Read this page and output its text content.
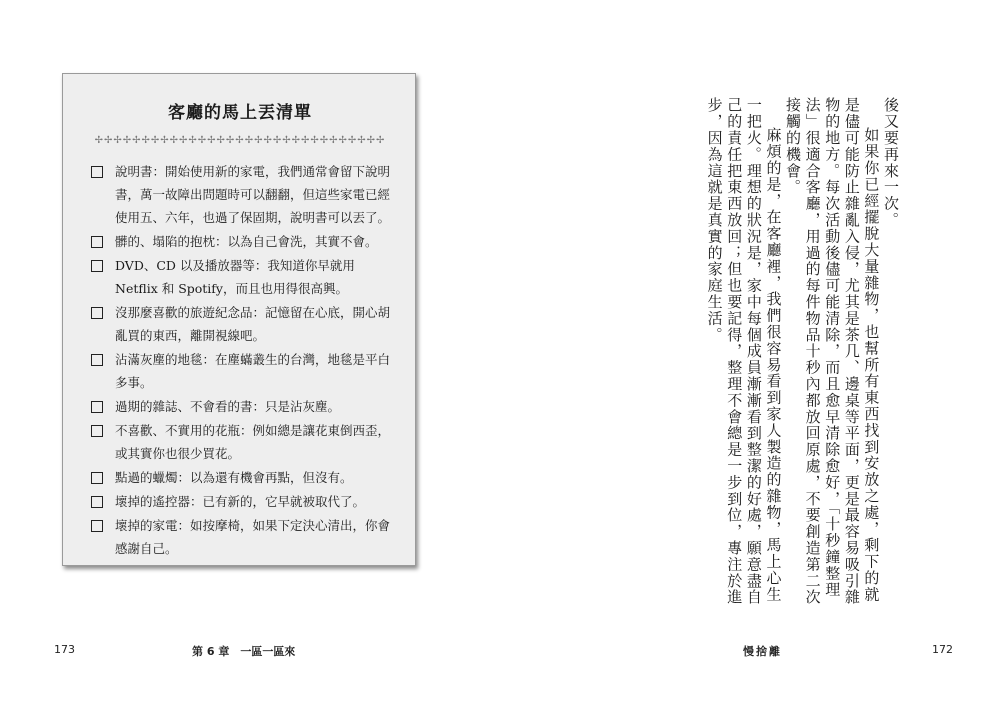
客廳的馬上丟清單
✢✢✢✢✢✢✢✢✢✢✢✢✢✢✢✢✢✢✢✢✢✢✢✢✢✢✢✢✢✢✢
說明書：開始使用新的家電，我們通常會留下說明書，萬一故障出問題時可以翻翻，但這些家電已經使用五、六年，也過了保固期，說明書可以丟了。
髒的、塌陷的抱枕：以為自己會洗，其實不會。
DVD、CD 以及播放器等：我知道你早就用 Netflix 和 Spotify，而且也用得很高興。
沒那麼喜歡的旅遊紀念品：記憶留在心底，開心胡亂買的東西，離開視線吧。
沾滿灰塵的地毯：在塵蟎叢生的台灣，地毯是平白多事。
過期的雜誌、不會看的書：只是沾灰塵。
不喜歡、不實用的花瓶：例如總是讓花東倒西歪，或其實你也很少買花。
點過的蠟燭：以為還有機會再點，但沒有。
壞掉的遙控器：已有新的，它早就被取代了。
壞掉的家電：如按摩椅，如果下定決心清出，你會感謝自己。

後又要再來一次。

如果你已經擺脫大量雜物，也幫所有東西找到安放之處，剩下的就是儘可能防止雜亂入侵，尤其是茶几、邊桌等平面，更是最容易吸引雜物的地方。每次活動後儘可能清除，而且愈早清除愈好，「十秒鐘整理法」很適合客廳，用過的每件物品十秒內都放回原處，不要創造第二次接觸的機會。

麻煩的是，在客廳裡，我們很容易看到家人製造的雜物，馬上心生一把火。理想的狀況是，家中每個成員漸漸看到整潔的好處，願意盡自己的責任把東西放回；但也要記得，整理不會總是一步到位，專注於進步，因為這就是真實的家庭生活。

173	第 6 章　一區一區來	慢捨離	172
